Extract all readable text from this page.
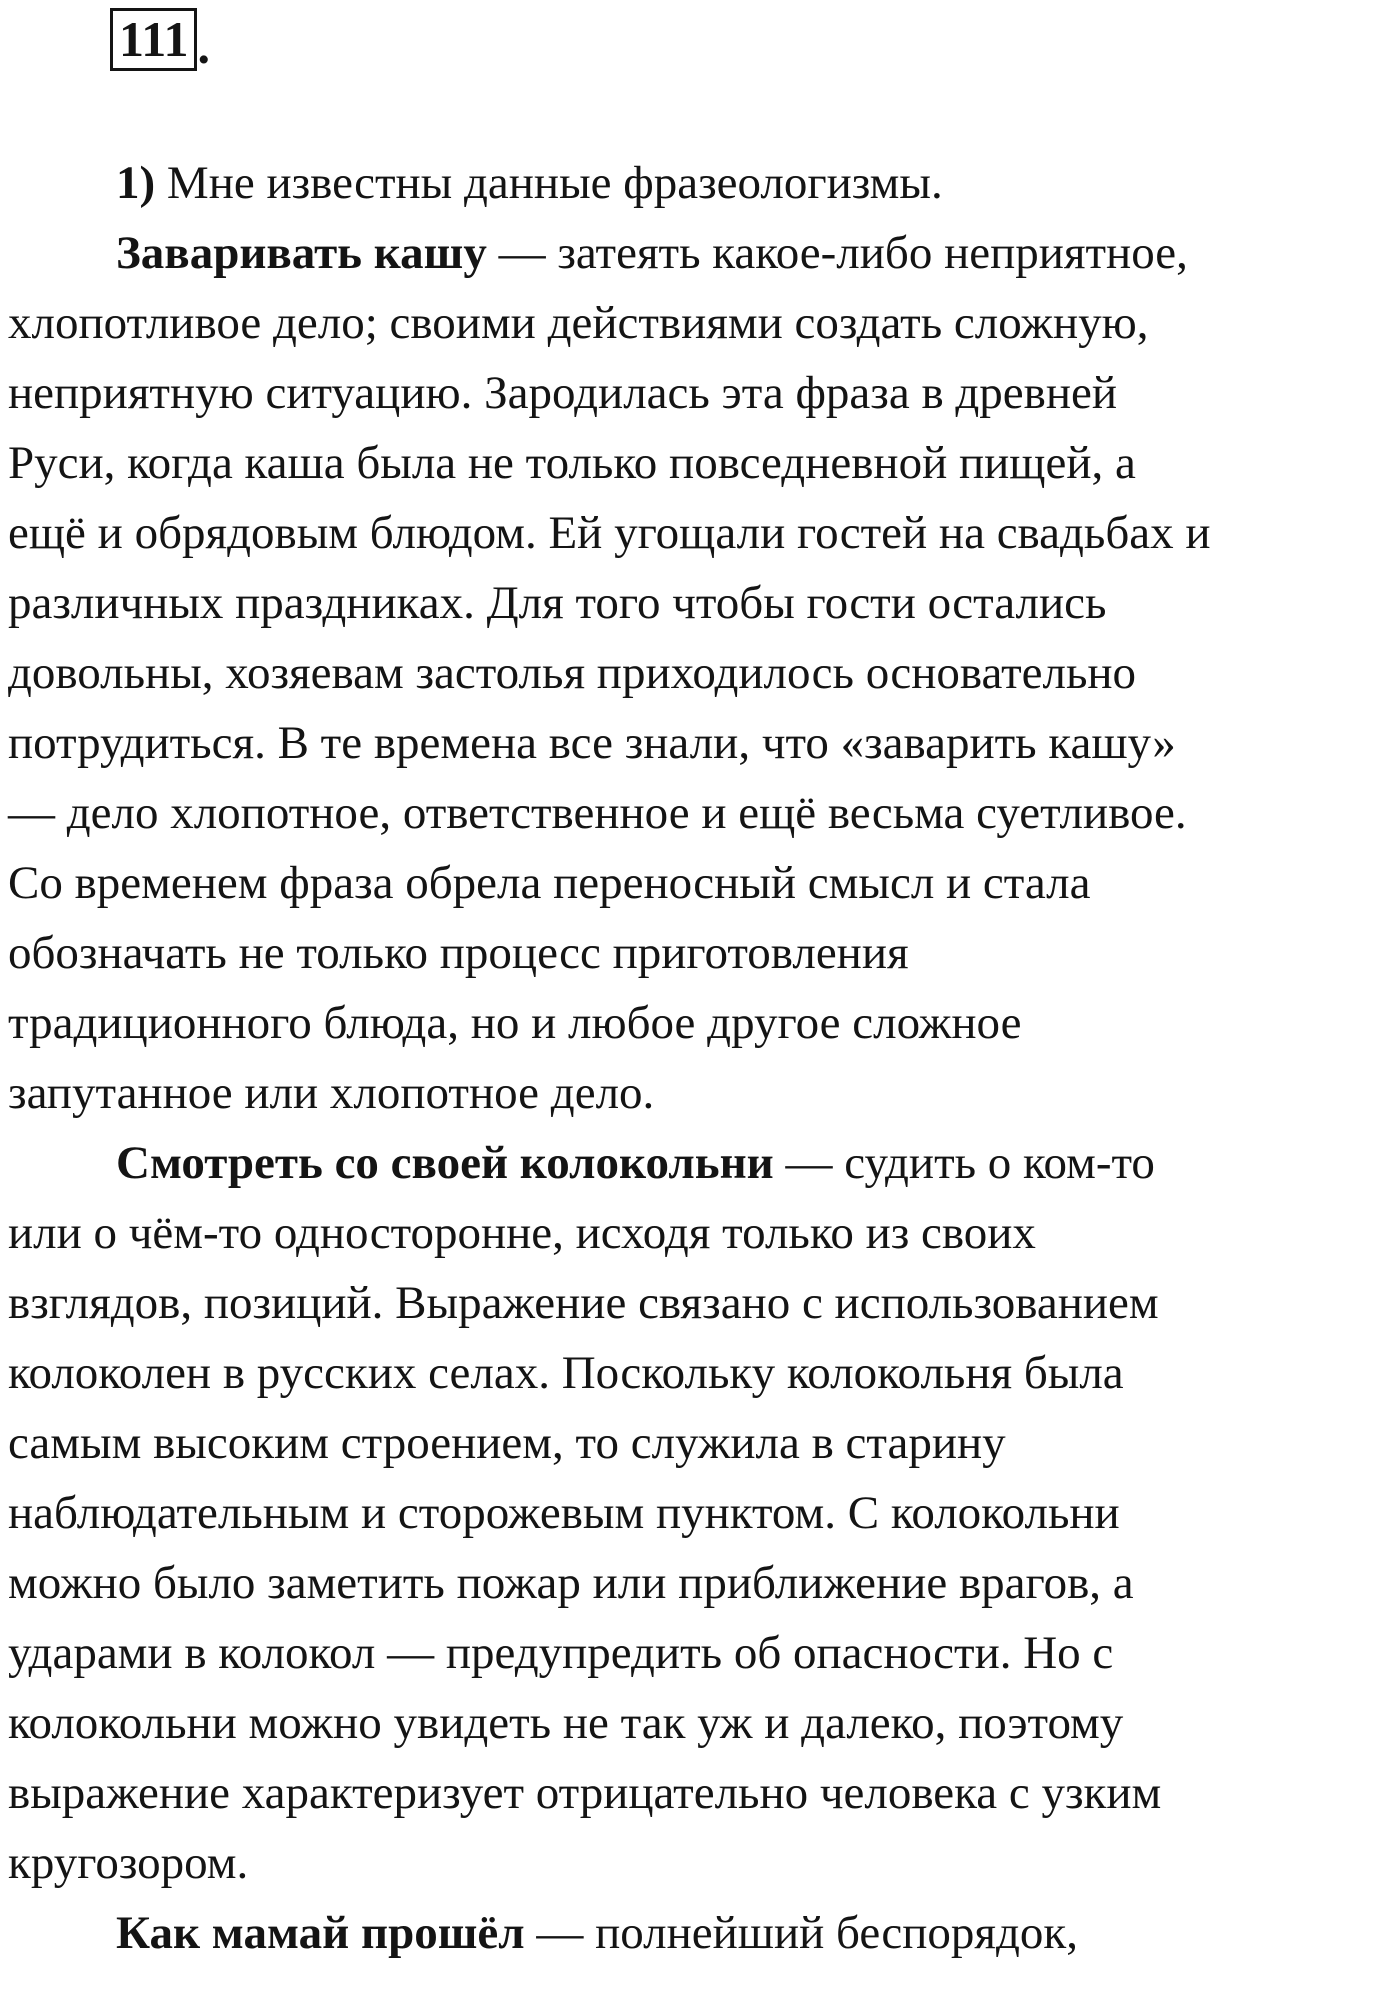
111 .
1) Мне известны данные фразеологизмы.
Заваривать кашу — затеять какое-либо неприятное,
хлопотливое дело; своими действиями создать сложную,
неприятную ситуацию. Зародилась эта фраза в древней
Руси, когда каша была не только повседневной пищей, а
ещё и обрядовым блюдом. Ей угощали гостей на свадьбах и
различных праздниках. Для того чтобы гости остались
довольны, хозяевам застолья приходилось основательно
потрудиться. В те времена все знали, что «заварить кашу»
— дело хлопотное, ответственное и ещё весьма суетливое.
Со временем фраза обрела переносный смысл и стала
обозначать не только процесс приготовления
традиционного блюда, но и любое другое сложное
запутанное или хлопотное дело.
Смотреть со своей колокольни — судить о ком-то
или о чём-то односторонне, исходя только из своих
взглядов, позиций. Выражение связано с использованием
колоколен в русских селах. Поскольку колокольня была
самым высоким строением, то служила в старину
наблюдательным и сторожевым пунктом. С колокольни
можно было заметить пожар или приближение врагов, а
ударами в колокол — предупредить об опасности. Но с
колокольни можно увидеть не так уж и далеко, поэтому
выражение характеризует отрицательно человека с узким
кругозором.
Как мамай прошёл — полнейший беспорядок,
